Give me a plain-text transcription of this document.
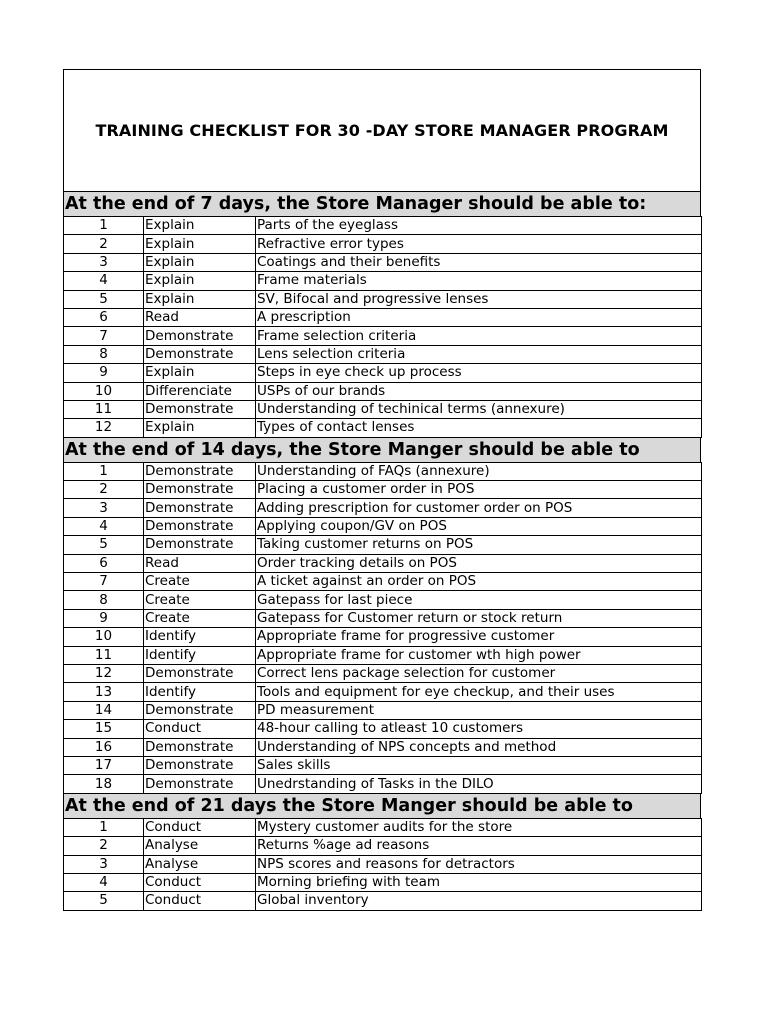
TRAINING CHECKLIST FOR 30 -DAY STORE MANAGER PROGRAM
At the end of 7 days, the Store Manager should be able to:
1	Explain	Parts of the eyeglass
2	Explain	Refractive error types
3	Explain	Coatings and their benefits
4	Explain	Frame materials
5	Explain	SV, Bifocal and progressive lenses
6	Read	A prescription
7	Demonstrate	Frame selection criteria
8	Demonstrate	Lens selection criteria
9	Explain	Steps in eye check up process
10	Differenciate	USPs of our brands
11	Demonstrate	Understanding of techinical terms (annexure)
12	Explain	Types of contact lenses
At the end of 14 days, the Store Manger should be able to
1	Demonstrate	Understanding of FAQs (annexure)
2	Demonstrate	Placing a customer order in POS
3	Demonstrate	Adding prescription for customer order on POS
4	Demonstrate	Applying coupon/GV on POS
5	Demonstrate	Taking customer returns on POS
6	Read	Order tracking details on POS
7	Create	A ticket against an order on POS
8	Create	Gatepass for last piece
9	Create	Gatepass for Customer return or stock return
10	Identify	Appropriate frame for progressive customer
11	Identify	Appropriate frame for customer wth high power
12	Demonstrate	Correct lens package selection for customer
13	Identify	Tools and equipment for eye checkup, and their uses
14	Demonstrate	PD measurement
15	Conduct	48-hour calling to atleast 10 customers
16	Demonstrate	Understanding of NPS concepts and method
17	Demonstrate	Sales skills
18	Demonstrate	Unedrstanding of Tasks in the DILO
At the end of 21 days the Store Manger should be able to
1	Conduct	Mystery customer audits for the store
2	Analyse	Returns %age ad reasons
3	Analyse	NPS scores and reasons for detractors
4	Conduct	Morning briefing with team
5	Conduct	Global inventory
